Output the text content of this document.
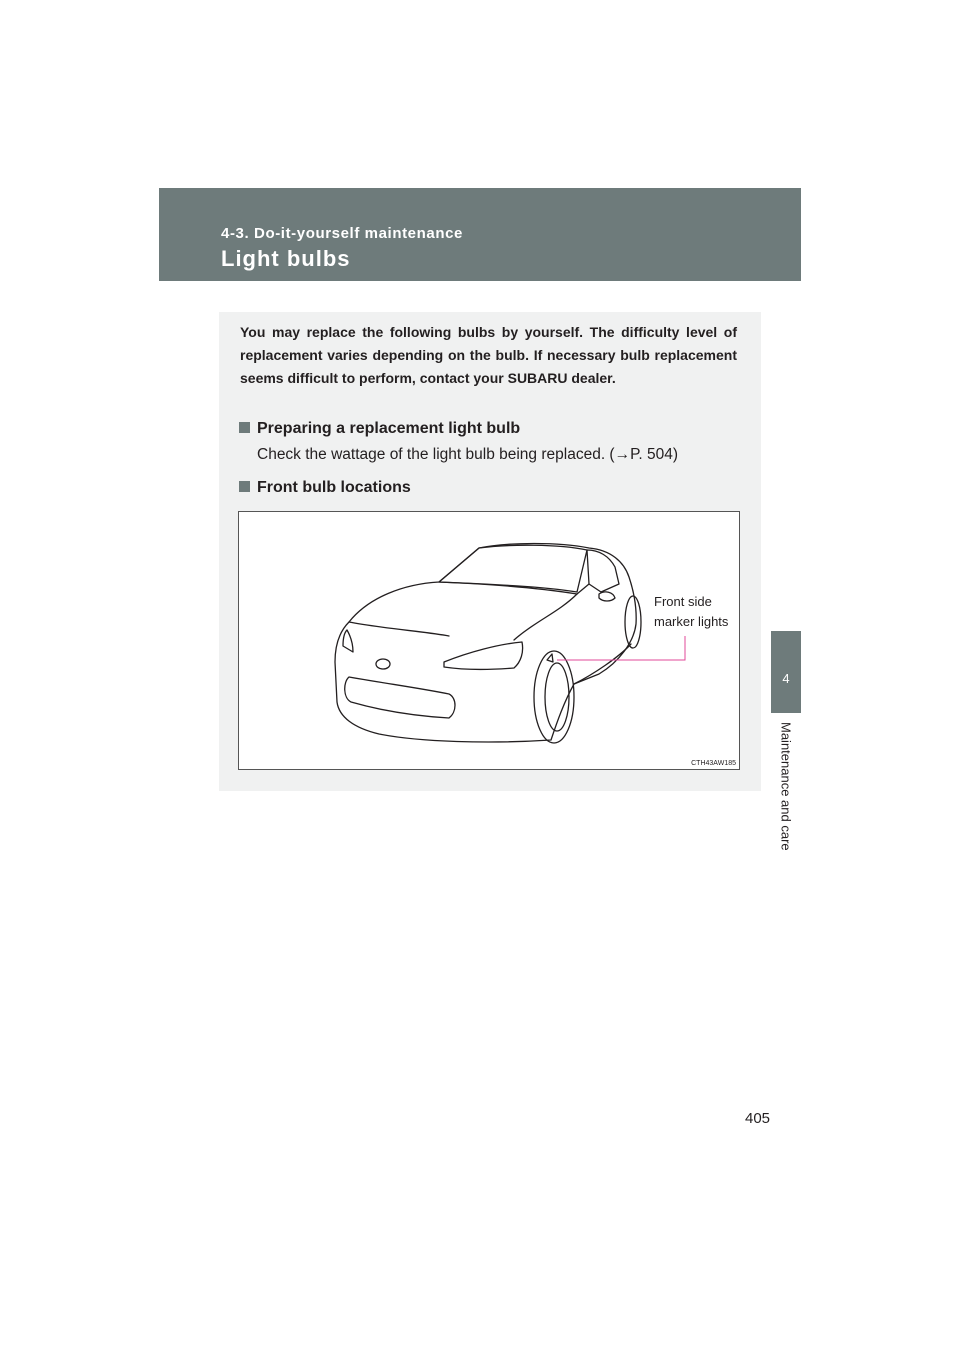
4-3. Do-it-yourself maintenance
Light bulbs
4
Maintenance and care
You may replace the following bulbs by yourself. The difficulty level of replacement varies depending on the bulb. If necessary bulb replacement seems difficult to perform, contact your SUBARU dealer.
Preparing a replacement light bulb
Check the wattage of the light bulb being replaced. (→P. 504)
Front bulb locations
Front side
marker lights
CTH43AW185
405
